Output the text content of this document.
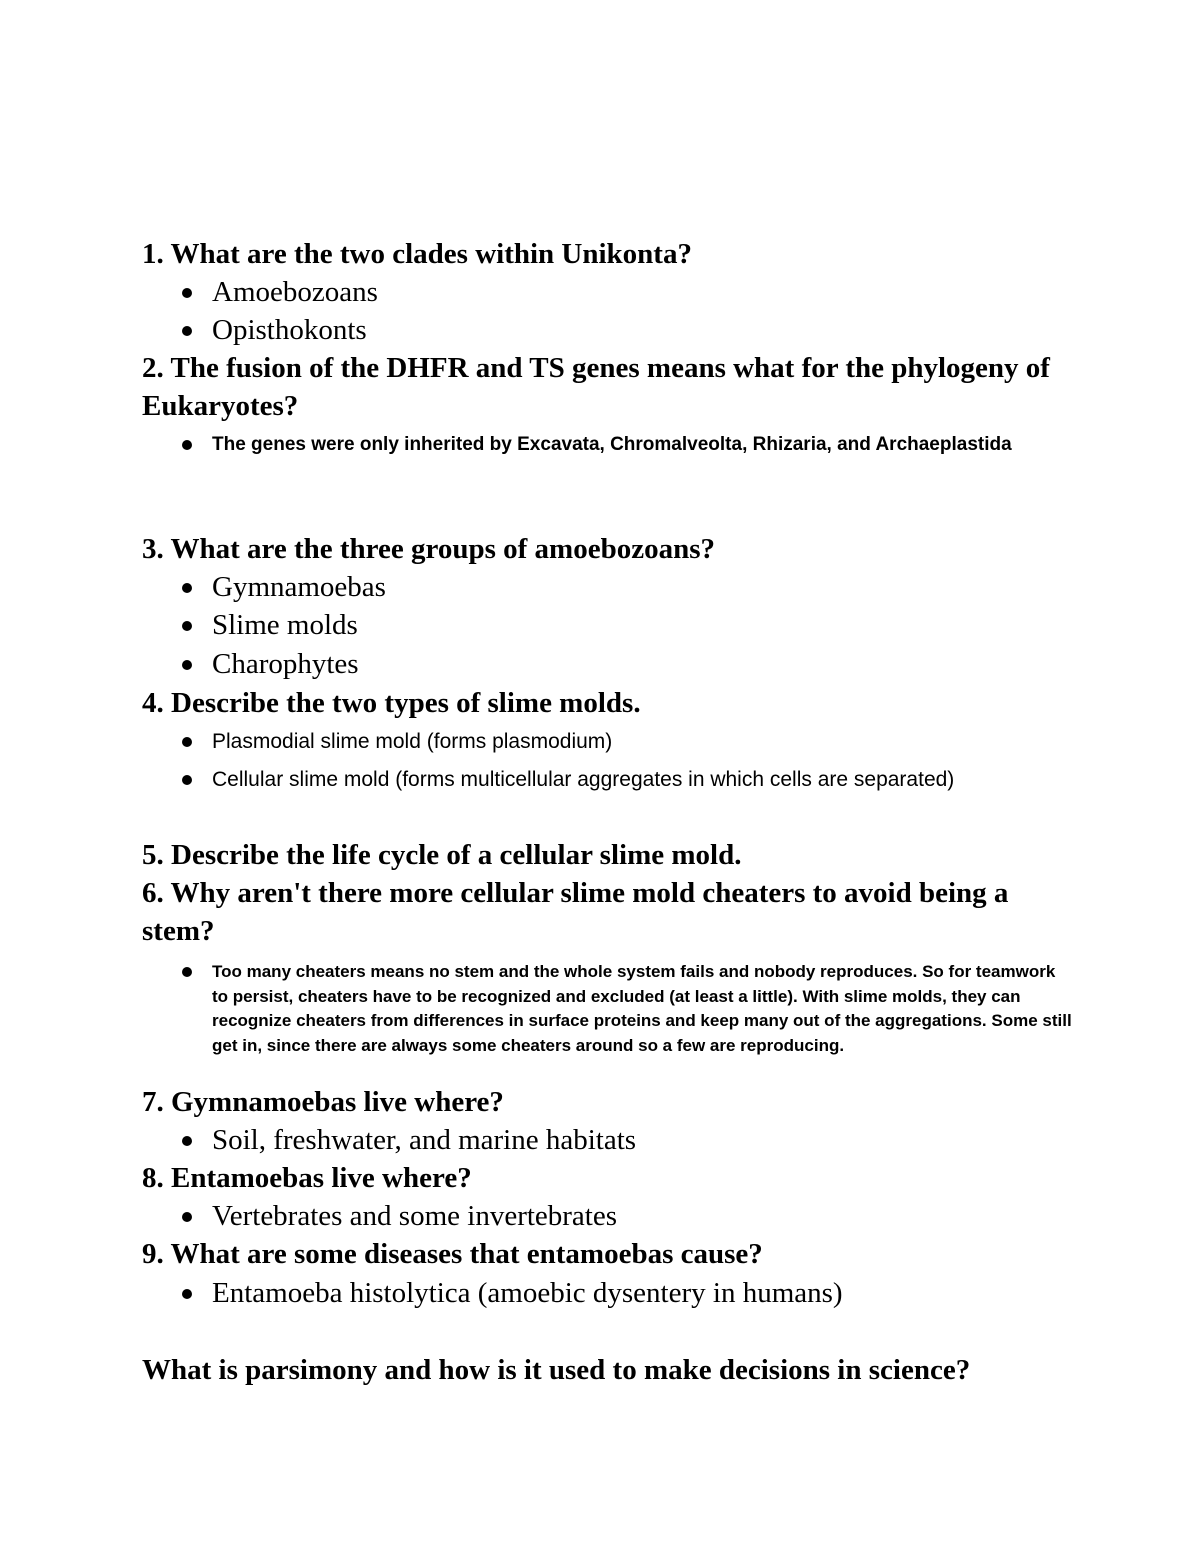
1. What are the two clades within Unikonta?

Amoebozoans

Opisthokonts

2. The fusion of the DHFR and TS genes means what for the phylogeny of Eukaryotes?

The genes were only inherited by Excavata, Chromalveolta, Rhizaria, and Archaeplastida

3. What are the three groups of amoebozoans?

Gymnamoebas

Slime molds

Charophytes

4. Describe the two types of slime molds.

Plasmodial slime mold (forms plasmodium)

Cellular slime mold (forms multicellular aggregates in which cells are separated)

5. Describe the life cycle of a cellular slime mold.

6. Why aren't there more cellular slime mold cheaters to avoid being a stem?

Too many cheaters means no stem and the whole system fails and nobody reproduces. So for teamwork to persist, cheaters have to be recognized and excluded (at least a little). With slime molds, they can recognize cheaters from differences in surface proteins and keep many out of the aggregations. Some still get in, since there are always some cheaters around so a few are reproducing.

7. Gymnamoebas live where?

Soil, freshwater, and marine habitats

8. Entamoebas live where?

Vertebrates and some invertebrates

9. What are some diseases that entamoebas cause?

Entamoeba histolytica (amoebic dysentery in humans)

What is parsimony and how is it used to make decisions in science?
